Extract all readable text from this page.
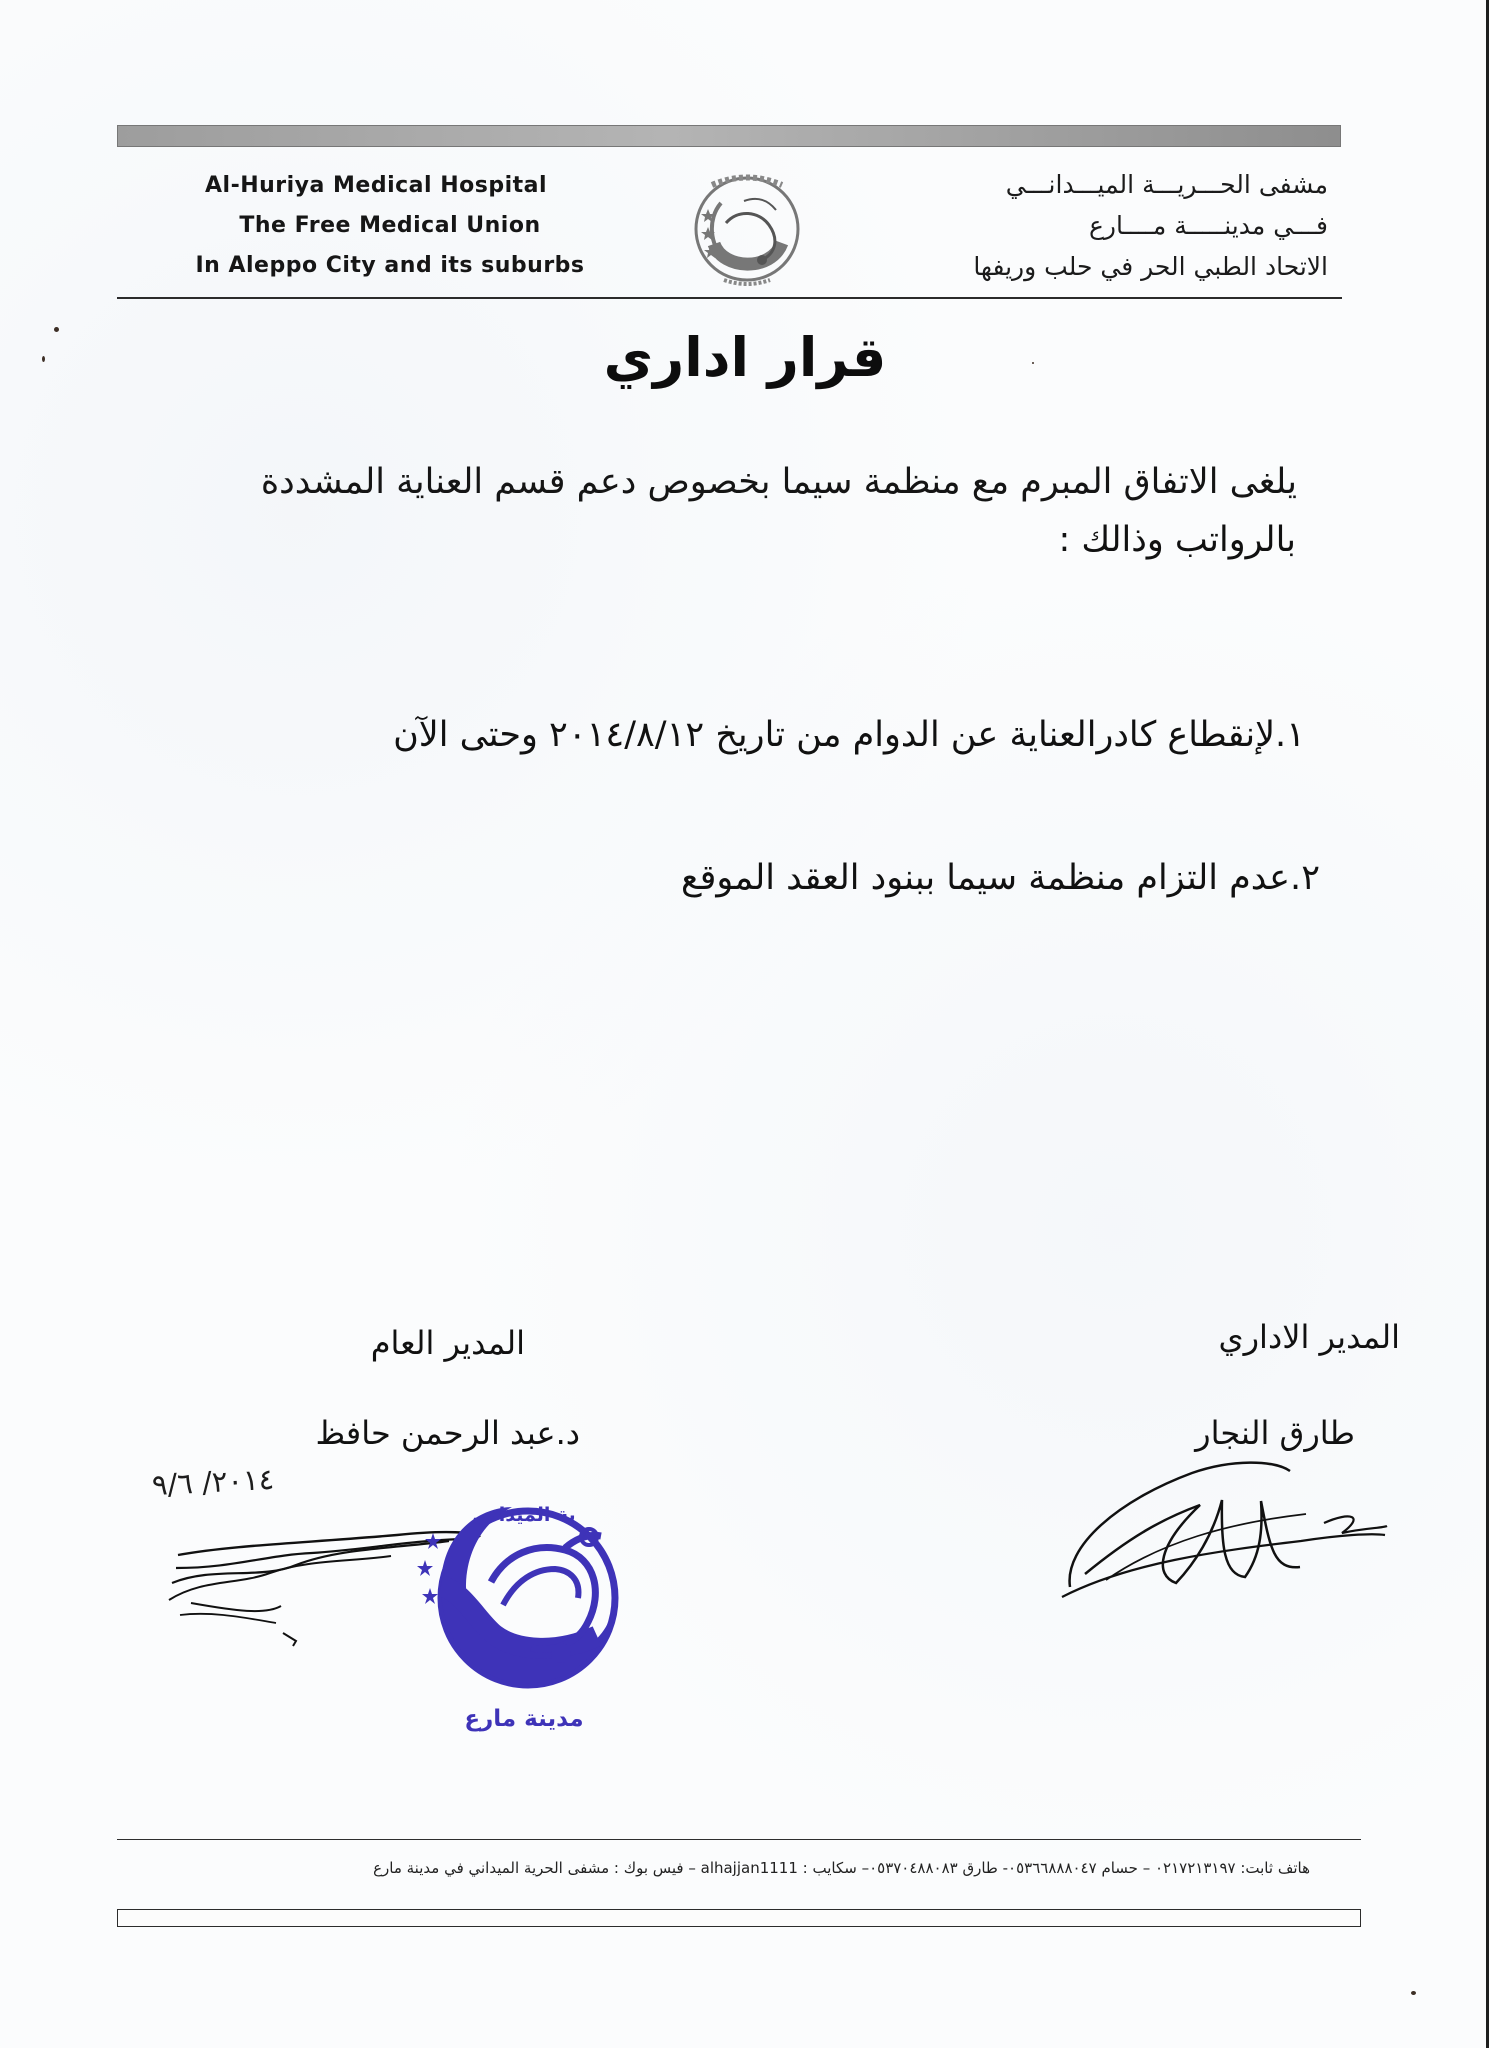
Al-Huriya Medical Hospital
The Free Medical Union
In Aleppo City and its suburbs
مشفى الحـــريـــة الميـــدانـــي
فـــي مدينـــــة مــــارع
الاتحاد الطبي الحر في حلب وريفها
قرار اداري
يلغى الاتفاق المبرم مع منظمة سيما بخصوص دعم قسم العناية المشددة
بالرواتب وذالك :
١.لإنقطاع كادرالعناية عن الدوام من تاريخ ٢٠١٤/٨/١٢ وحتى الآن
٢.عدم التزام منظمة سيما ببنود العقد الموقع
المدير الاداري
طارق النجار
المدير العام
د.عبد الرحمن حافظ
٢٠١٤/ ٩/٦
ية الميداني
مدينة مارع
هاتف ثابت: ٠٢١٧٢١٣١٩٧ – حسام ٠٥٣٦٦٨٨٨٠٤٧- طارق ٠٥٣٧٠٤٨٨٠٨٣– سكايب : alhajjan1111 – فيس بوك : مشفى الحرية الميداني في مدينة مارع
